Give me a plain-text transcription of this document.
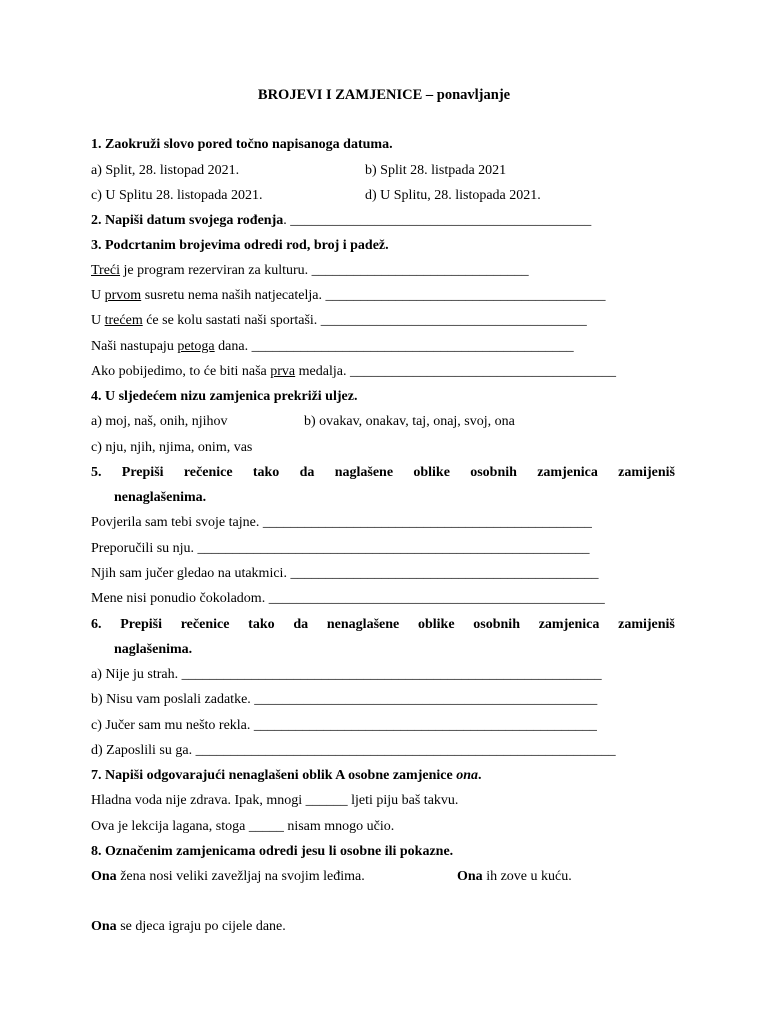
BROJEVI I ZAMJENICE – ponavljanje
1. Zaokruži slovo pored točno napisanoga datuma.
a) Split, 28. listopad 2021.	b) Split 28. listpada 2021
c) U Splitu 28. listopada 2021.	d) U Splitu, 28. listopada 2021.
2. Napiši datum svojega rođenja. ___________________________________________
3. Podcrtanim brojevima odredi rod, broj i padež.
Treći je program rezerviran za kulturu. _______________________________
U prvom susretu nema naših natjecatelja. ________________________________________
U trećem će se kolu sastati naši sportaši. ______________________________________
Naši nastupaju petoga dana. ______________________________________________
Ako pobijedimo, to će biti naša prva medalja. ______________________________________
4. U sljedećem nizu zamjenica prekriži uljez.
a) moj, naš, onih, njihov	b) ovakav, onakav, taj, onaj, svoj, ona
c) nju, njih, njima, onim, vas
5. Prepiši rečenice tako da naglašene oblike osobnih zamjenica zamijeniš
nenaglašenima.
Povjerila sam tebi svoje tajne. _______________________________________________
Preporučili su nju. ________________________________________________________
Njih sam jučer gledao na utakmici. ____________________________________________
Mene nisi ponudio čokoladom. ________________________________________________
6. Prepiši rečenice tako da nenaglašene oblike osobnih zamjenica zamijeniš
naglašenima.
a) Nije ju strah. ____________________________________________________________
b) Nisu vam poslali zadatke. _________________________________________________
c) Jučer sam mu nešto rekla. _________________________________________________
d) Zaposlili su ga. ____________________________________________________________
7. Napiši odgovarajući nenaglašeni oblik A osobne zamjenice ona.
Hladna voda nije zdrava. Ipak, mnogi ______ ljeti piju baš takvu.
Ova je lekcija lagana, stoga _____ nisam mnogo učio.
8. Označenim zamjenicama odredi jesu li osobne ili pokazne.
Ona žena nosi veliki zavežljaj na svojim leđima.	Ona ih zove u kuću.
Ona se djeca igraju po cijele dane.
